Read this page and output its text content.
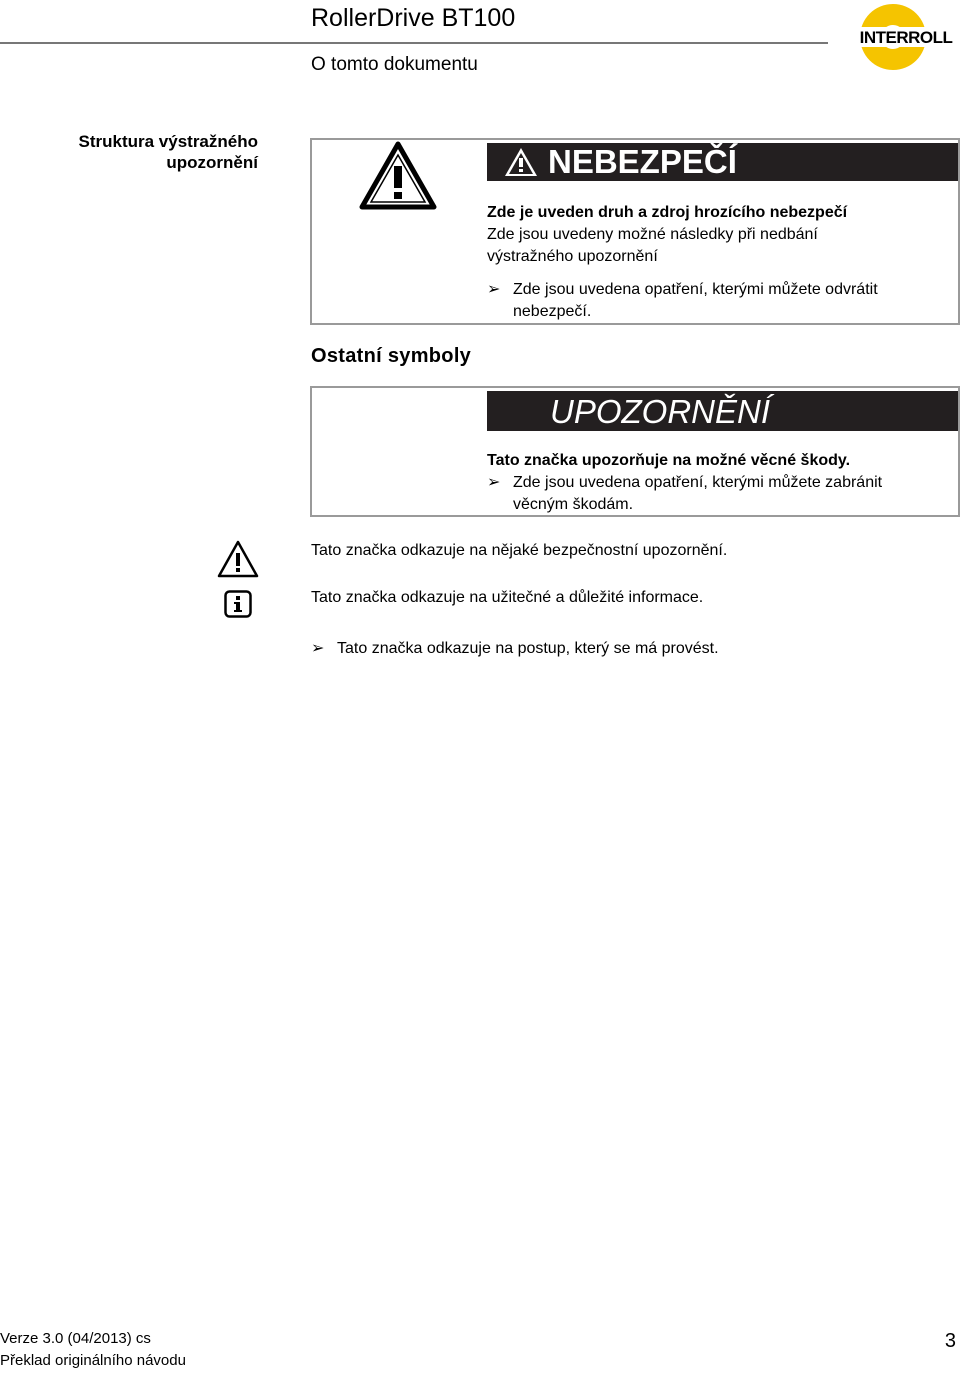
RollerDrive BT100
O tomto dokumentu
INTERROLL
Struktura výstražného
upozornění	NEBEZPEČÍ
Zde je uveden druh a zdroj hrozícího nebezpečí
Zde jsou uvedeny možné následky při nedbání
výstražného upozornění
➢ Zde jsou uvedena opatření, kterými můžete odvrátit
nebezpečí.
Ostatní symboly
UPOZORNĚNÍ
Tato značka upozorňuje na možné věcné škody.
➢ Zde jsou uvedena opatření, kterými můžete zabránit
věcným škodám.
Tato značka odkazuje na nějaké bezpečnostní upozornění.
Tato značka odkazuje na užitečné a důležité informace.
➢ Tato značka odkazuje na postup, který se má provést.
Verze 3.0 (04/2013) cs
Překlad originálního návodu
3
